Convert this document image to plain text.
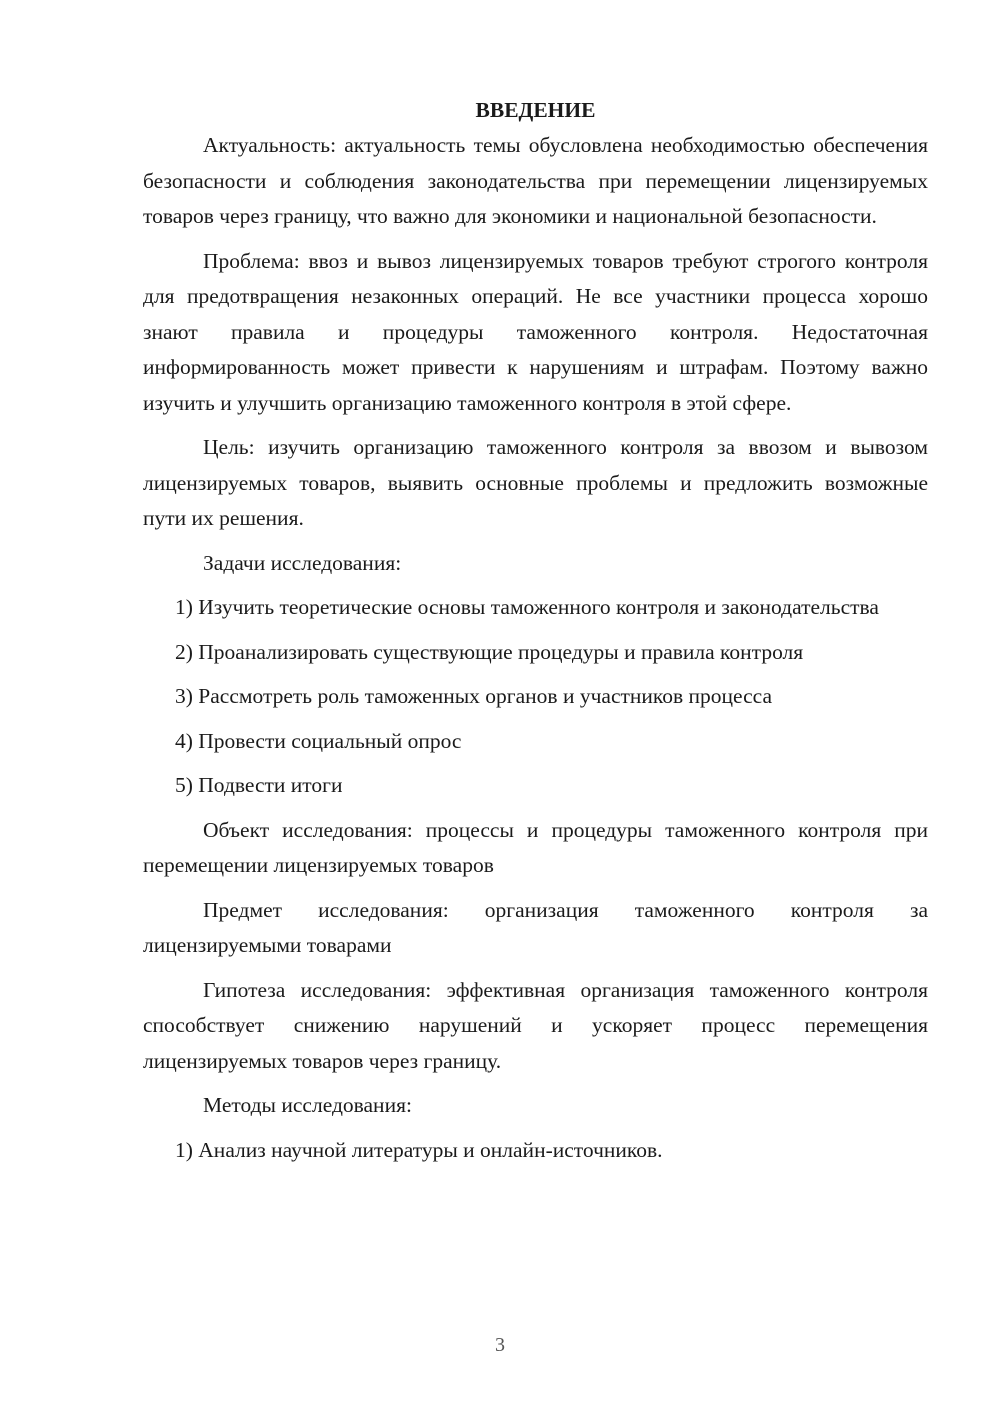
ВВЕДЕНИЕ

Актуальность: актуальность темы обусловлена необходимостью обеспечения безопасности и соблюдения законодательства при перемещении лицензируемых товаров через границу, что важно для экономики и национальной безопасности.

Проблема: ввоз и вывоз лицензируемых товаров требуют строгого контроля для предотвращения незаконных операций. Не все участники процесса хорошо знают правила и процедуры таможенного контроля. Недостаточная информированность может привести к нарушениям и штрафам. Поэтому важно изучить и улучшить организацию таможенного контроля в этой сфере.

Цель: изучить организацию таможенного контроля за ввозом и вывозом лицензируемых товаров, выявить основные проблемы и предложить возможные пути их решения.

Задачи исследования:

1) Изучить теоретические основы таможенного контроля и законодательства

2) Проанализировать существующие процедуры и правила контроля

3) Рассмотреть роль таможенных органов и участников процесса

4) Провести социальный опрос

5) Подвести итоги

Объект исследования: процессы и процедуры таможенного контроля при перемещении лицензируемых товаров

Предмет исследования: организация таможенного контроля за лицензируемыми товарами

Гипотеза исследования: эффективная организация таможенного контроля способствует снижению нарушений и ускоряет процесс перемещения лицензируемых товаров через границу.

Методы исследования:

1) Анализ научной литературы и онлайн-источников.

3
